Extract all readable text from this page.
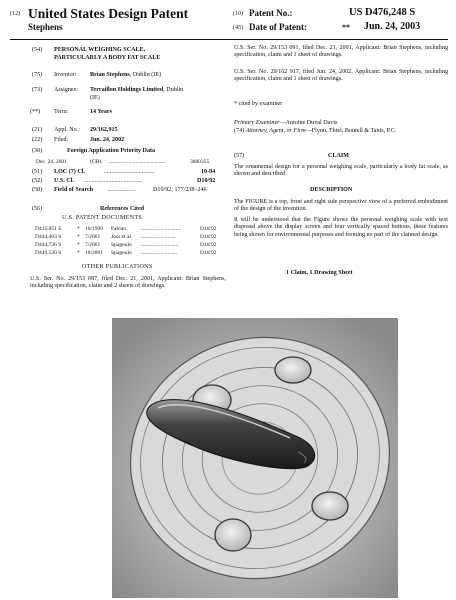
(12) United States Design Patent
Stephens
(10) Patent No.:	US D476,248 S
(45) Date of Patent:	** Jun. 24, 2003
(54) PERSONAL WEIGHING SCALE,
PARTICULARLY A BODY FAT SCALE
(75) Inventor: Brian Stephens, Dublin (IE)
(73) Assignee: Terraillon Holdings Limited, Dublin
(IE)
(**) Term:	14 Years
(21) Appl. No.: 29/162,915
(22) Filed:	Jun. 24, 2002
(30)	Foreign Application Priority Data
Dec. 24, 2001	(GB) ..........................................	3000355
(51) LOC (7) Cl.	.................................	10-04
(52) U.S. Cl. ......................................	D10/92
(58) Field of Search ...................	D10/92; 177/238–246
(56)	References Cited
U.S. PATENT DOCUMENTS
D415,051 S	* 10/1999 Fabian	..............................	D10/92
D444,403 S	* 7/2001 Joss et al.	..........................	D10/92
D444,726 S	* 7/2001 Spagnolo	............................	D10/92
D449,530 S	* 10/2001 Spagnolo	...........................	D10/92
OTHER PUBLICATIONS
U.S. Ser. No. 29/153 087, filed Dec. 21, 2001, Applicant: Brian Stephens, including specification, claim and 2 sheets of drawings.
U.S. Ser. No. 29/153 091, filed Dec. 21, 2001, Applicant: Brian Stephens, including specification, claim and 1 sheet of drawings.
U.S. Ser. No. 29/162 917, filed Jun. 24, 2002, Applicant: Brian Stephens, including specification, claim and 1 sheet of drawings.
* cited by examiner
Primary Examiner—Antoine Duval Davis
(74) Attorney, Agent, or Firm—Flynn, Thiel, Boutell & Tanis, P.C.
(57)	CLAIM
The ornamental design for a personal weighing scale, particularly a body fat scale, as shown and described.
DESCRIPTION
The FIGURE is a top, front and right side perspective view of a preferred embodiment of the design of the invention.
It will be understood that the Figure shows the personal weighing scale with text disposed above the display screen and four vertically spaced buttons, these features being shown for environmental purposes and forming no part of the claimed design.
1 Claim, 1 Drawing Sheet
